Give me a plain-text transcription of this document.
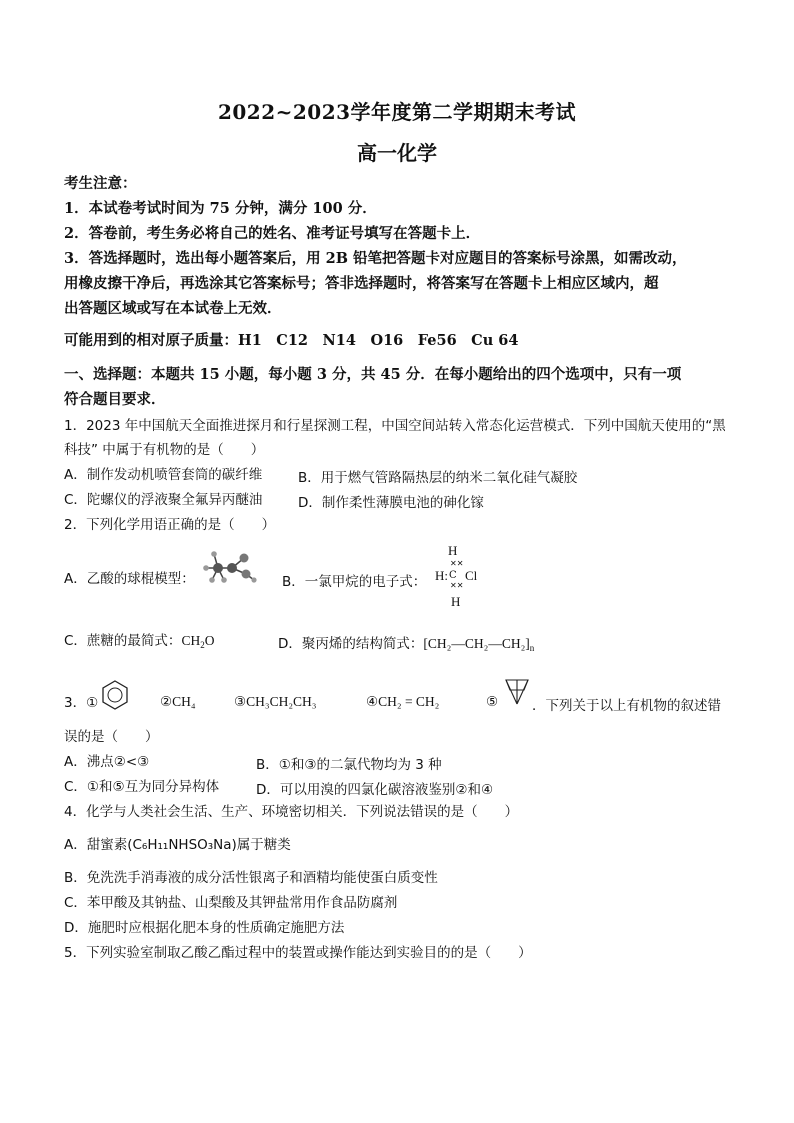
2022~2023学年度第二学期期末考试
高一化学
考生注意：
1．本试卷考试时间为 75 分钟，满分 100 分．
2．答卷前，考生务必将自己的姓名、准考证号填写在答题卡上．
3．答选择题时，选出每小题答案后，用 2B 铅笔把答题卡对应题目的答案标号涂黑，如需改动，
用橡皮擦干净后，再选涂其它答案标号；答非选择题时，将答案写在答题卡上相应区域内，超
出答题区域或写在本试卷上无效．
可能用到的相对原子质量：H1　C12　N14　O16　Fe56　Cu 64
一、选择题：本题共 15 小题，每小题 3 分，共 45 分．在每小题给出的四个选项中，只有一项
符合题目要求．
1．2023 年中国航天全面推进探月和行星探测工程，中国空间站转入常态化运营模式．下列中国航天使用的“黑
科技” 中属于有机物的是（　　）
A．制作发动机喷管套筒的碳纤维	B．用于燃气管路隔热层的纳米二氧化硅气凝胶
C．陀螺仪的浮液聚全氟异丙醚油	D．制作柔性薄膜电池的砷化镓
2．下列化学用语正确的是（　　）
A．乙酸的球棍模型：	B．一氯甲烷的电子式：
H
H:
✕✕
C
✕✕
Cl
H
C．蔗糖的最简式：$CH_2O$	D．聚丙烯的结构简式：$[CH_2—CH_2—CH_2]_n$
3．①	②CH₄	③CH₃CH₂CH₃	④CH₂ = CH₂	⑤	．下列关于以上有机物的叙述错
误的是（　　）
A．沸点②<③	B．①和③的二氯代物均为 3 种
C．①和⑤互为同分异构体	D．可以用溴的四氯化碳溶液鉴别②和④
4．化学与人类社会生活、生产、环境密切相关．下列说法错误的是（　　）
A．甜蜜素(C₆H₁₁NHSO₃Na)属于糖类
B．免洗洗手消毒液的成分活性银离子和酒精均能使蛋白质变性
C．苯甲酸及其钠盐、山梨酸及其钾盐常用作食品防腐剂
D．施肥时应根据化肥本身的性质确定施肥方法
5．下列实验室制取乙酸乙酯过程中的装置或操作能达到实验目的的是（　　）
